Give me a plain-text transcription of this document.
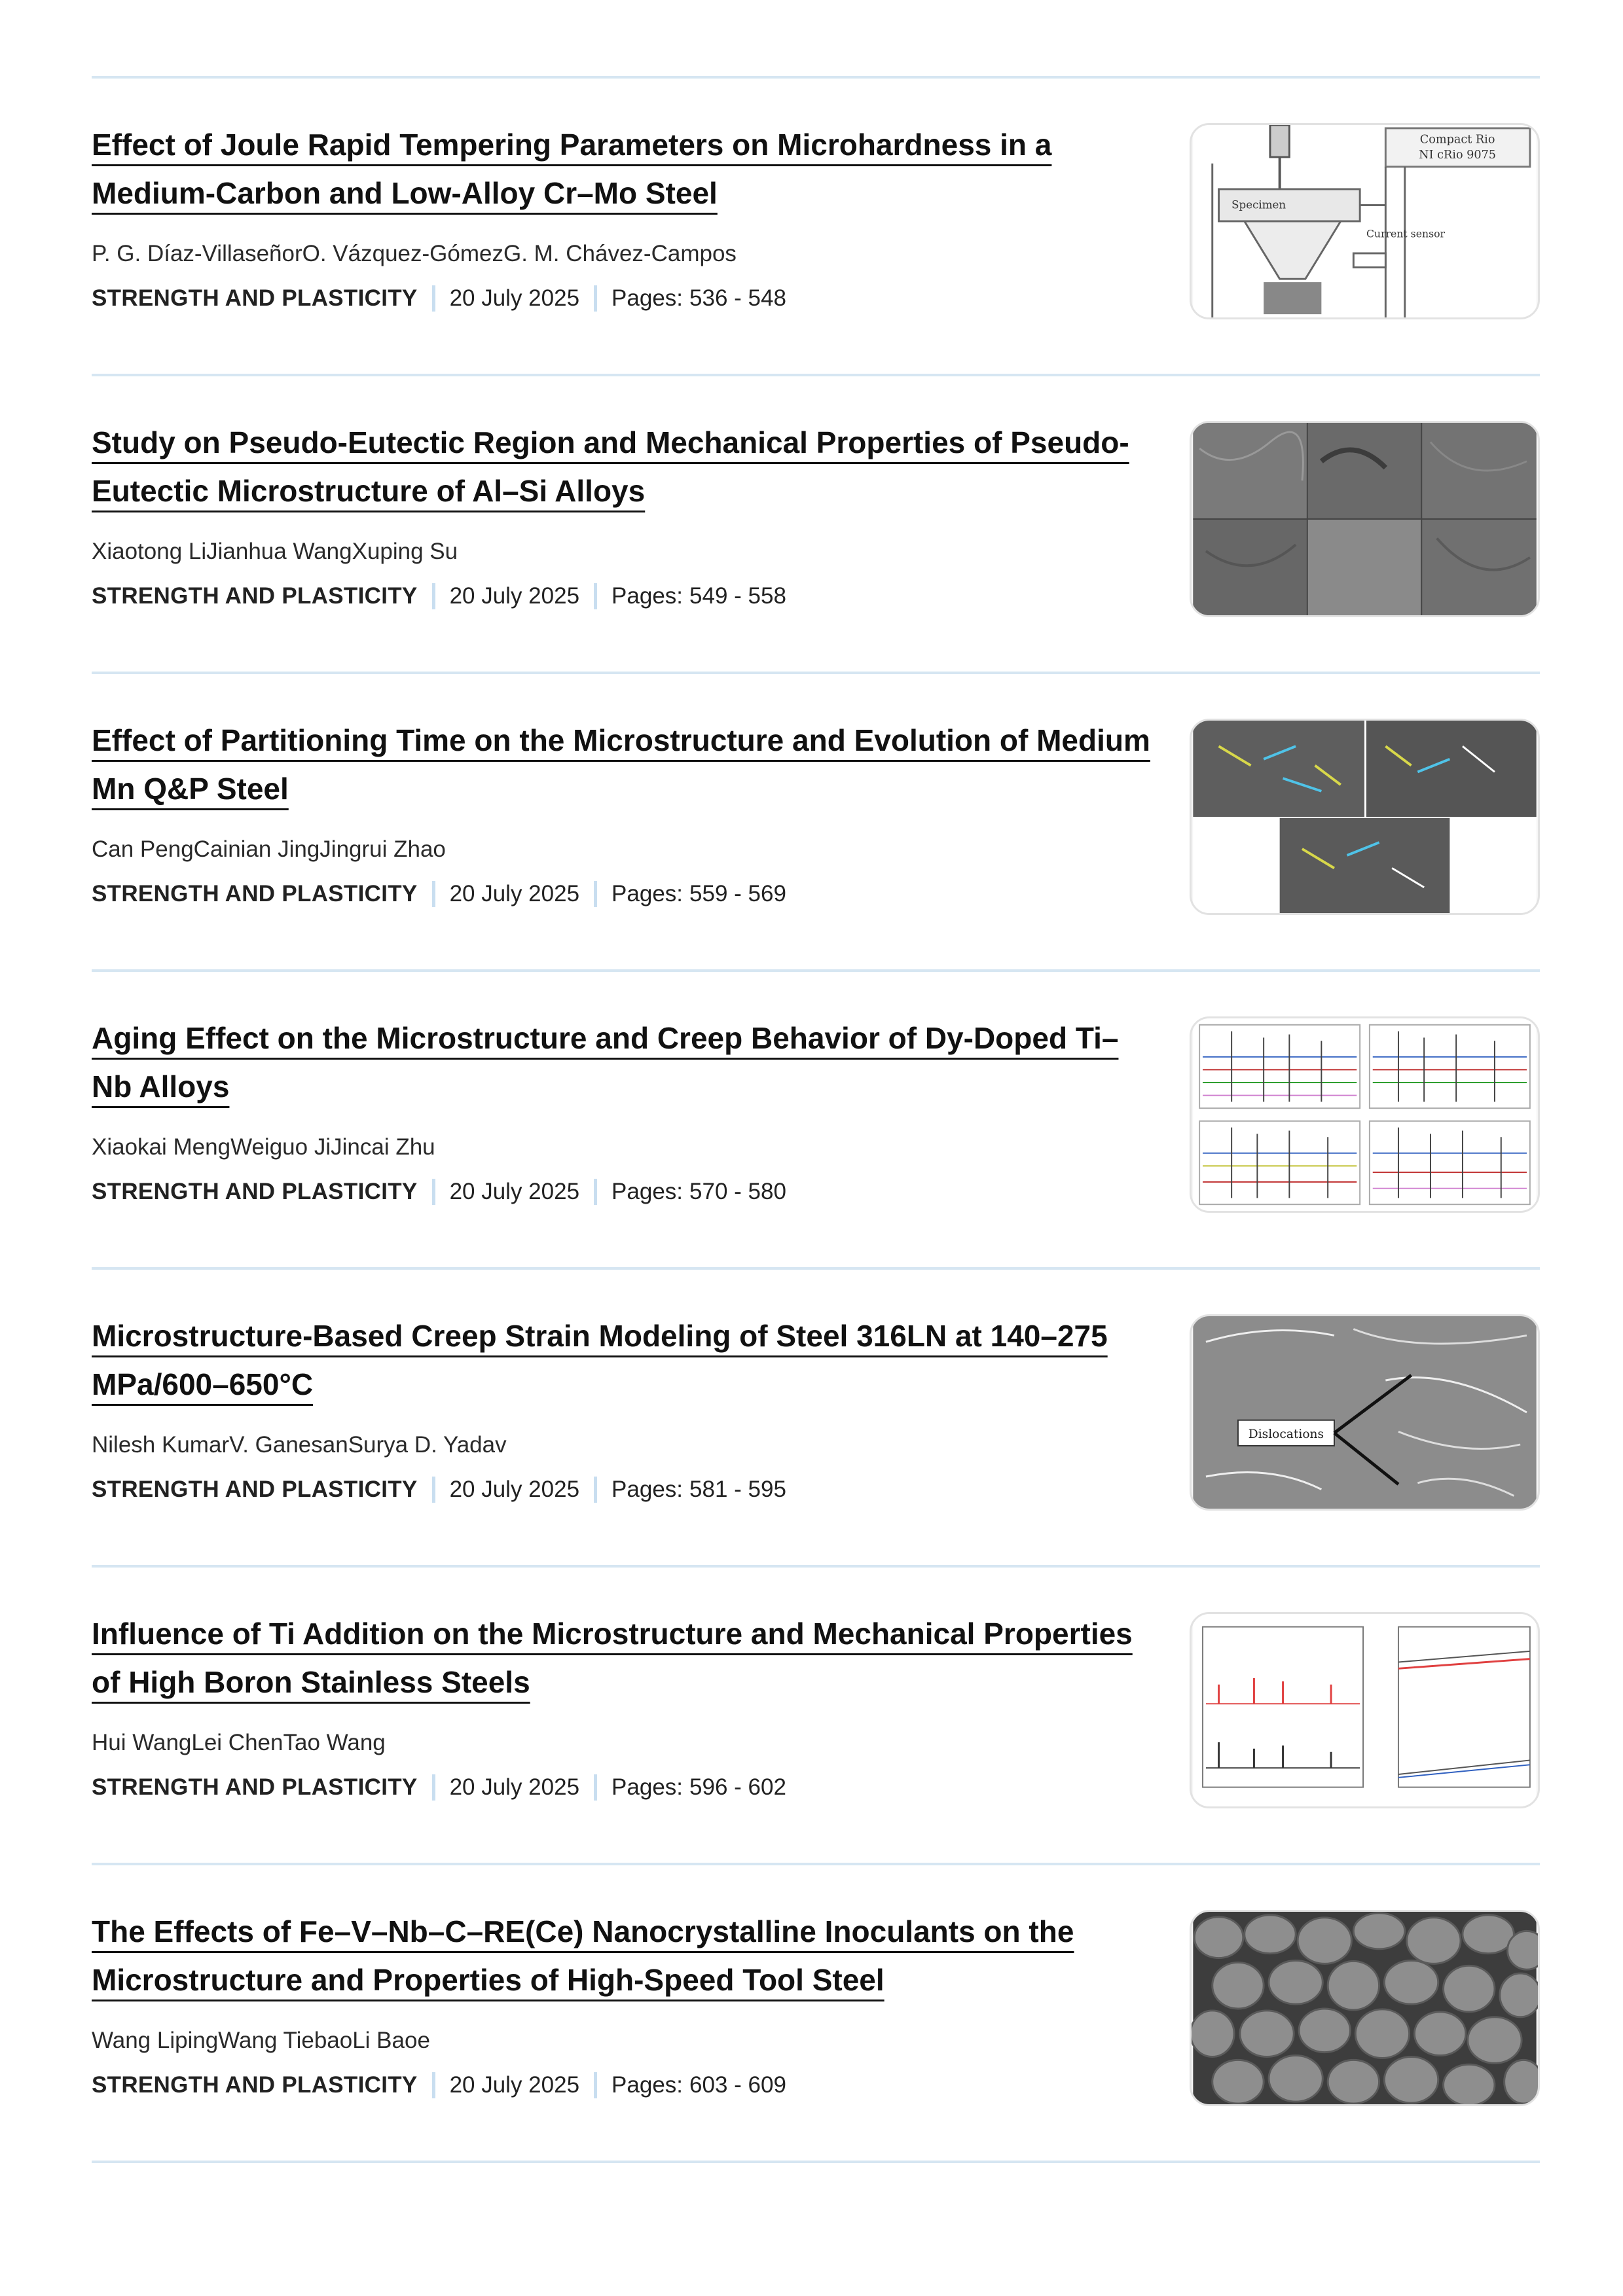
Effect of Joule Rapid Tempering Parameters on Microhardness in a Medium-Carbon and Low-Alloy Cr–Mo Steel
P. G. Díaz-VillaseñorO. Vázquez-GómezG. M. Chávez-Campos
STRENGTH AND PLASTICITY 20 July 2025 Pages: 536 - 548
Compact Rio
NI cRio 9075
Specimen
Current sensor
Study on Pseudo-Eutectic Region and Mechanical Properties of Pseudo-Eutectic Microstructure of Al–Si Alloys
Xiaotong LiJianhua WangXuping Su
STRENGTH AND PLASTICITY 20 July 2025 Pages: 549 - 558
Effect of Partitioning Time on the Microstructure and Evolution of Medium Mn Q&P Steel
Can PengCainian JingJingrui Zhao
STRENGTH AND PLASTICITY 20 July 2025 Pages: 559 - 569
Aging Effect on the Microstructure and Creep Behavior of Dy-Doped Ti–Nb Alloys
Xiaokai MengWeiguo JiJincai Zhu
STRENGTH AND PLASTICITY 20 July 2025 Pages: 570 - 580
Microstructure-Based Creep Strain Modeling of Steel 316LN at 140–275 MPa/600–650°C
Nilesh KumarV. GanesanSurya D. Yadav
STRENGTH AND PLASTICITY 20 July 2025 Pages: 581 - 595
Dislocations
Influence of Ti Addition on the Microstructure and Mechanical Properties of High Boron Stainless Steels
Hui WangLei ChenTao Wang
STRENGTH AND PLASTICITY 20 July 2025 Pages: 596 - 602
The Effects of Fe–V–Nb–C–RE(Ce) Nanocrystalline Inoculants on the Microstructure and Properties of High-Speed Tool Steel
Wang LipingWang TiebaoLi Baoe
STRENGTH AND PLASTICITY 20 July 2025 Pages: 603 - 609
